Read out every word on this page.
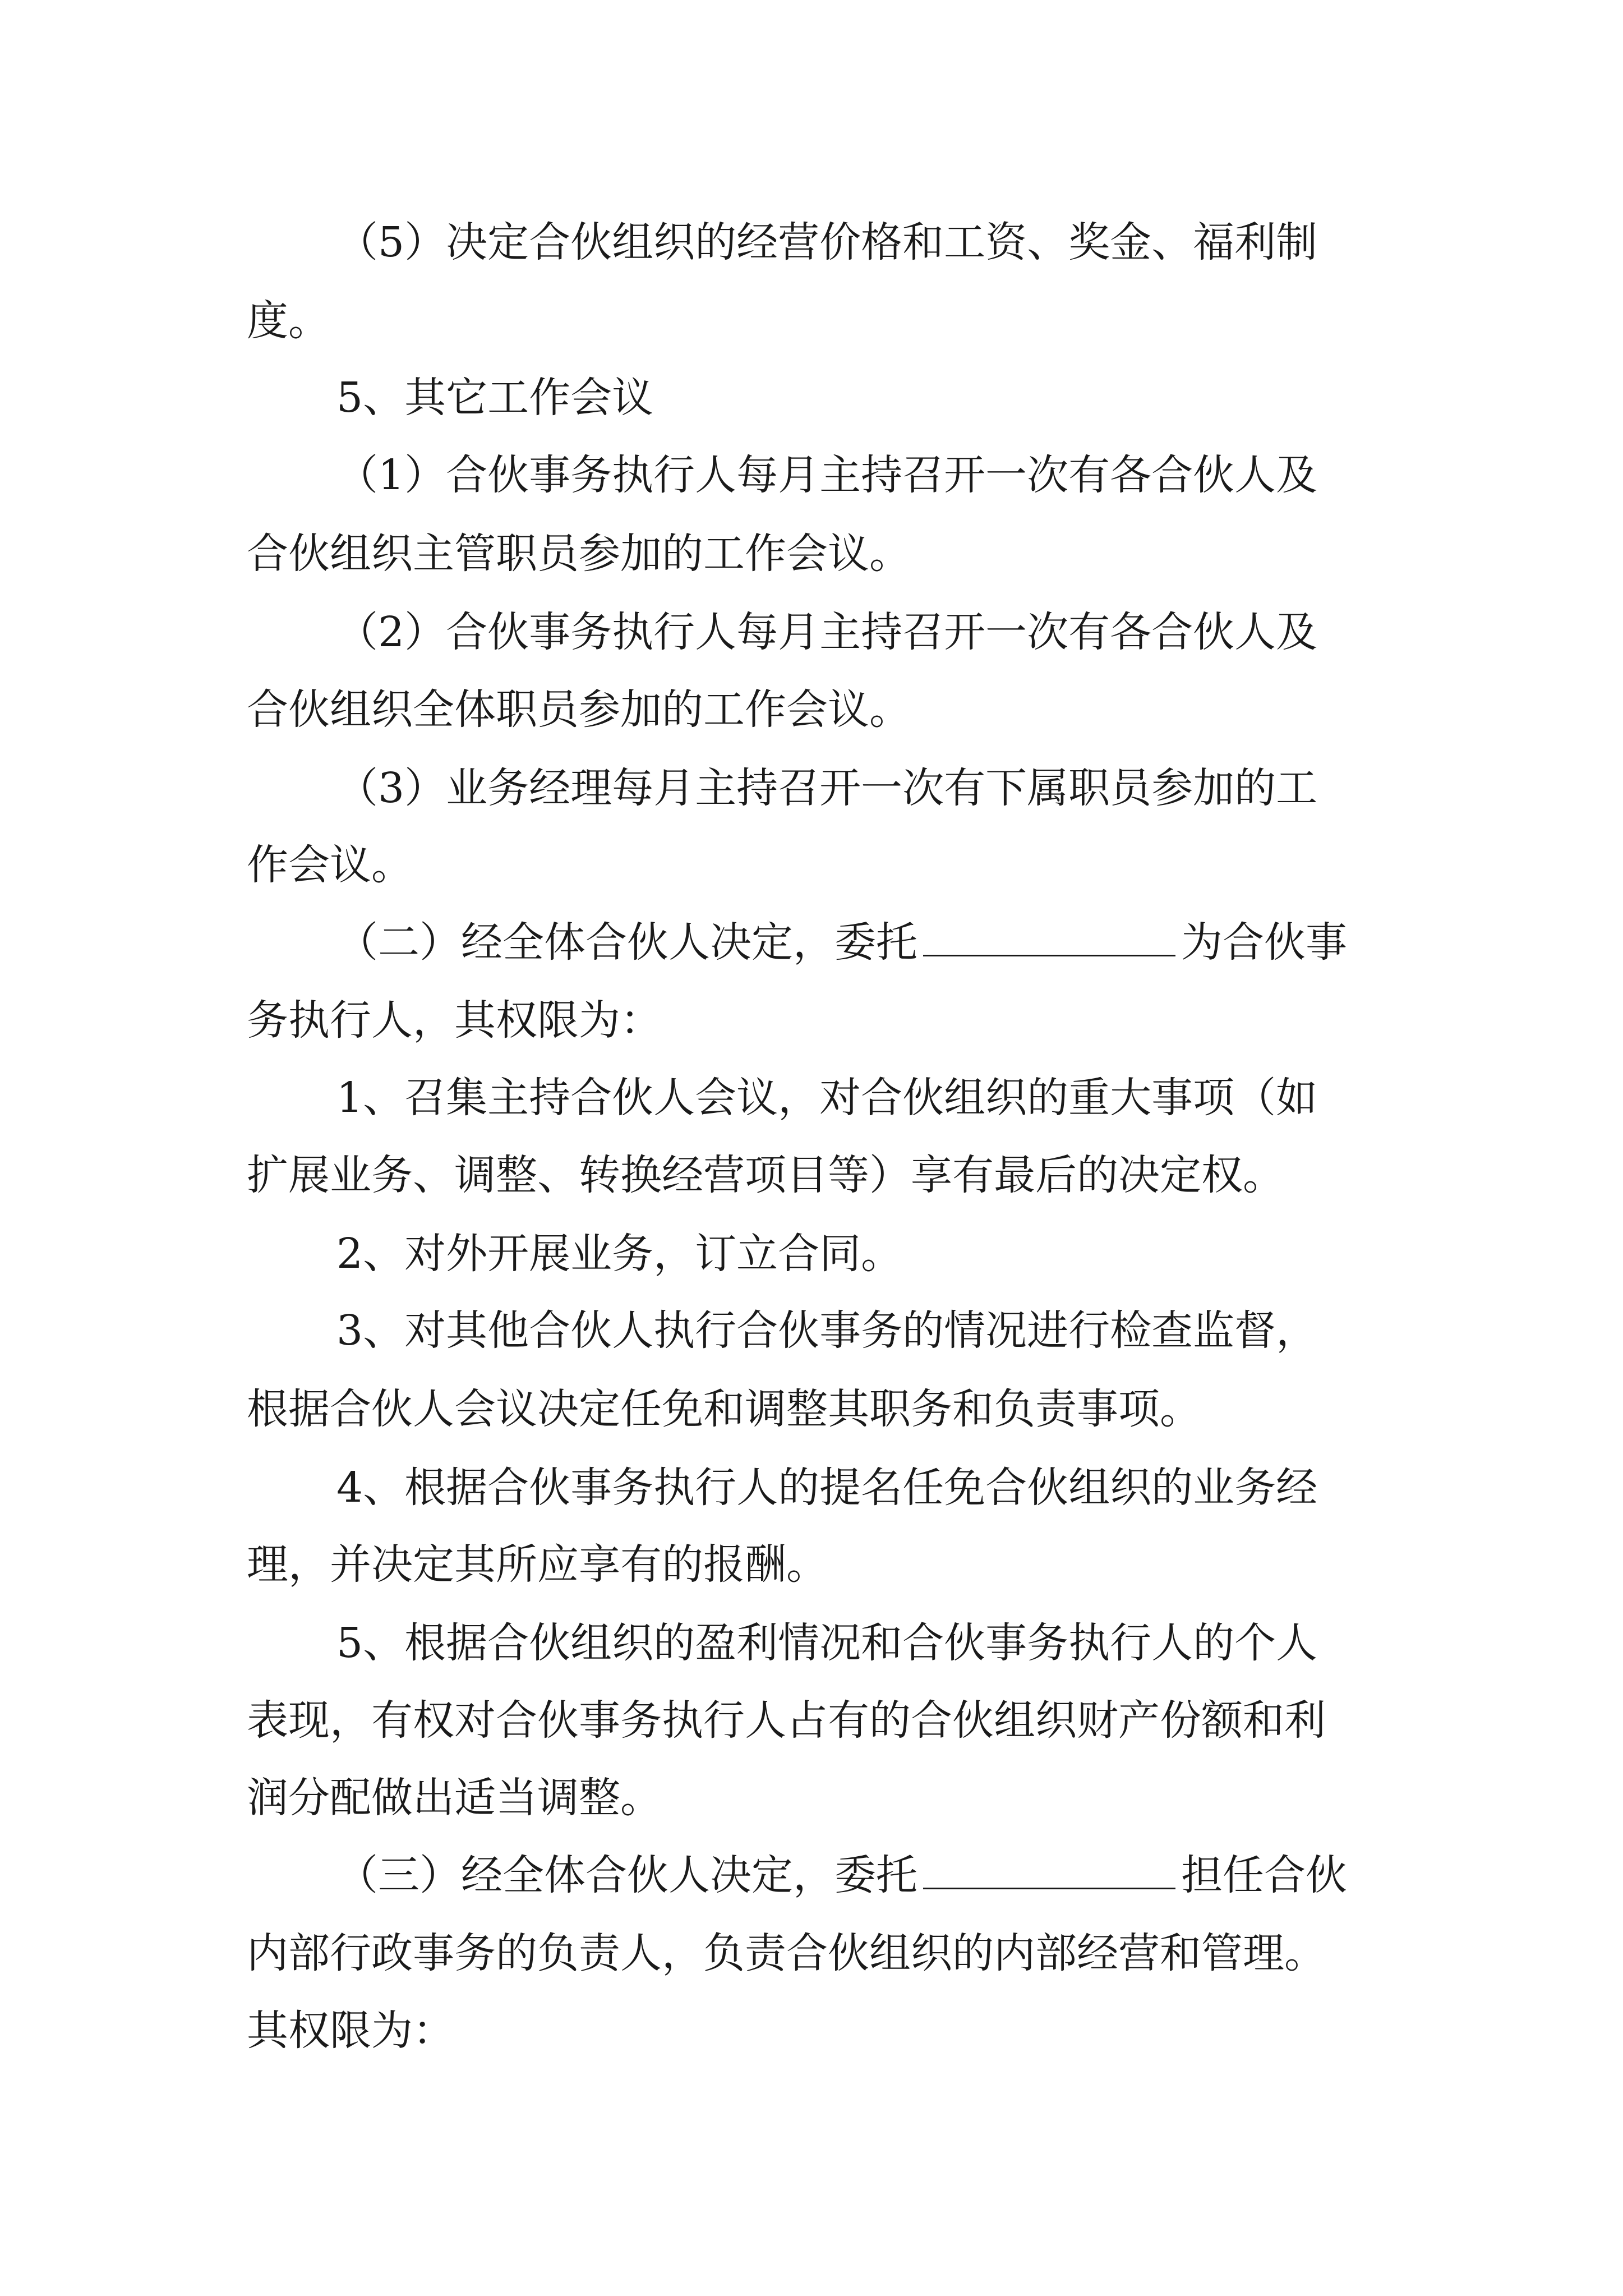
（5）决定合伙组织的经营价格和工资、奖金、福利制
度。
5、其它工作会议
（1）合伙事务执行人每月主持召开一次有各合伙人及
合伙组织主管职员参加的工作会议。
（2）合伙事务执行人每月主持召开一次有各合伙人及
合伙组织全体职员参加的工作会议。
（3）业务经理每月主持召开一次有下属职员参加的工
作会议。
（二）经全体合伙人决定，委托	为合伙事
务执行人，其权限为：
1、召集主持合伙人会议，对合伙组织的重大事项（如
扩展业务、调整、转换经营项目等）享有最后的决定权。
2、对外开展业务，订立合同。
3、对其他合伙人执行合伙事务的情况进行检查监督，
根据合伙人会议决定任免和调整其职务和负责事项。
4、根据合伙事务执行人的提名任免合伙组织的业务经
理，并决定其所应享有的报酬。
5、根据合伙组织的盈利情况和合伙事务执行人的个人
表现，有权对合伙事务执行人占有的合伙组织财产份额和利
润分配做出适当调整。
（三）经全体合伙人决定，委托	担任合伙
内部行政事务的负责人，负责合伙组织的内部经营和管理。
其权限为：
